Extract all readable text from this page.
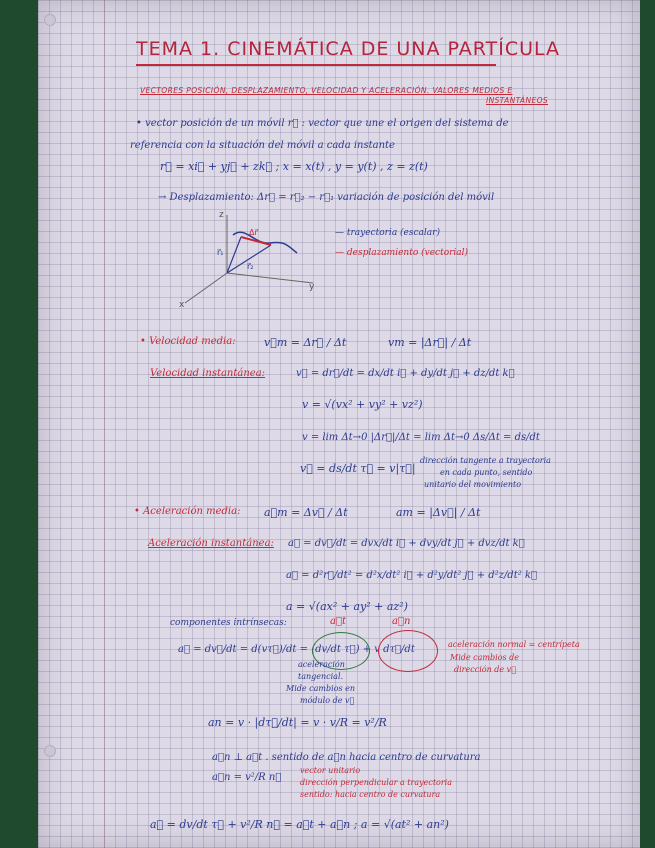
TEMA 1. CINEMÁTICA DE UNA PARTÍCULA
VECTORES POSICIÓN, DESPLAZAMIENTO, VELOCIDAD Y ACELERACIÓN. VALORES MEDIOS E
INSTANTÁNEOS
• vector posición de un móvil r⃗ : vector que une el origen del sistema de
referencia con la situación del móvil a cada instante
r⃗ = xi⃗ + yj⃗ + zk⃗ ; x = x(t) , y = y(t) , z = z(t)
→ Desplazamiento: Δr⃗ = r⃗₂ − r⃗₁ variación de posición del móvil
z
y
x
r⃗₁
r⃗₂
Δr⃗	— trayectoria (escalar)
— desplazamiento (vectorial)
• Velocidad media:	v⃗m = Δr⃗ / Δt	vm = |Δr⃗| / Δt
Velocidad instantánea:	v⃗ = dr⃗/dt = dx/dt i⃗ + dy/dt j⃗ + dz/dt k⃗
v = √(vx² + vy² + vz²)
v = lim Δt→0 |Δr⃗|/Δt = lim Δt→0 Δs/Δt = ds/dt
v⃗ = ds/dt τ⃗ = v|τ⃗|
dirección tangente a trayectoria
en cada punto, sentido
unitario del movimiento
• Aceleración media: a⃗m = Δv⃗ / Δt	am = |Δv⃗| / Δt
Aceleración instantánea: a⃗ = dv⃗/dt = dvx/dt i⃗ + dvy/dt j⃗ + dvz/dt k⃗
a⃗ = d²r⃗/dt² = d²x/dt² i⃗ + d²y/dt² j⃗ + d²z/dt² k⃗
a = √(ax² + ay² + az²)
componentes intrínsecas:	a⃗t	a⃗n
a⃗ = dv⃗/dt = d(vτ⃗)/dt = (dv/dt τ⃗) + v dτ⃗/dt	aceleración normal = centrípeta
Mide cambios de
dirección de v⃗
aceleración
tangencial.
Mide cambios en
módulo de v⃗
an = v · |dτ⃗/dt| = v · v/R = v²/R
a⃗n ⊥ a⃗t . sentido de a⃗n hacia centro de curvatura
a⃗n = v²/R n⃗
vector unitario
dirección perpendicular a trayectoria
sentido: hacia centro de curvatura
a⃗ = dv/dt τ⃗ + v²/R n⃗ = a⃗t + a⃗n ; a = √(at² + an²)
